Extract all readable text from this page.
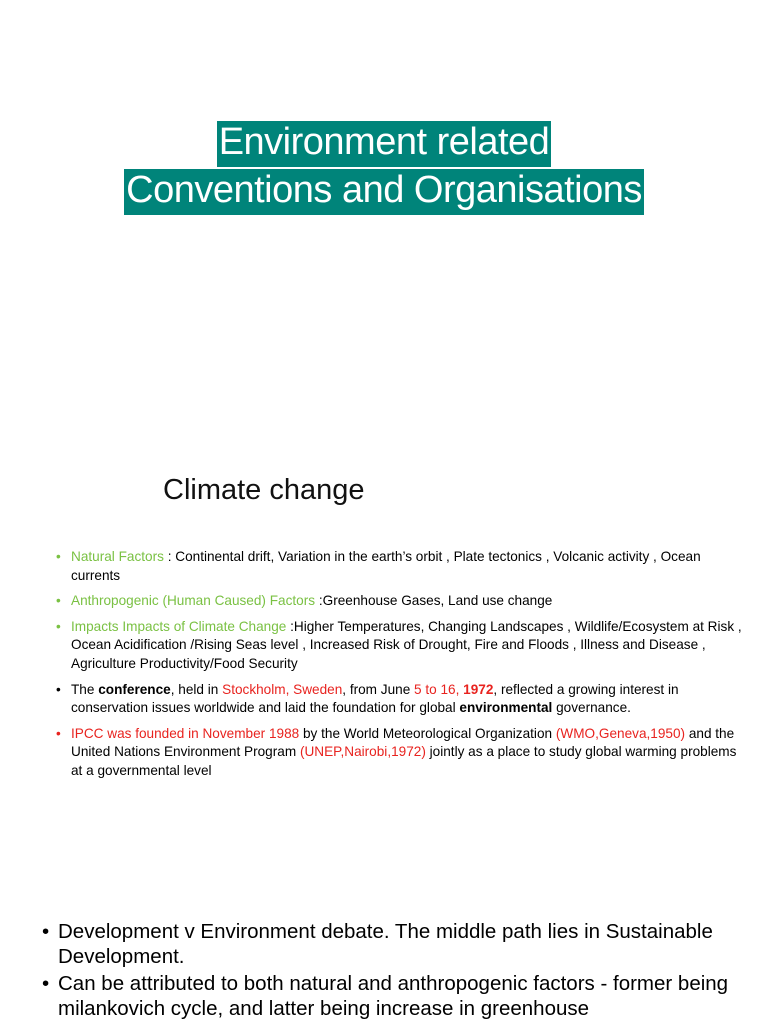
Environment related
Conventions and Organisations
Climate change
• Natural Factors : Continental drift, Variation in the earth’s orbit , Plate tectonics , Volcanic activity , Ocean currents
• Anthropogenic (Human Caused) Factors :Greenhouse Gases, Land use change
• Impacts Impacts of Climate Change :Higher Temperatures, Changing Landscapes , Wildlife/Ecosystem at Risk , Ocean Acidification /Rising Seas level , Increased Risk of Drought, Fire and Floods , Illness and Disease , Agriculture Productivity/Food Security
• The conference, held in Stockholm, Sweden, from June 5 to 16, 1972, reflected a growing interest in conservation issues worldwide and laid the foundation for global environmental governance.
• IPCC was founded in November 1988 by the World Meteorological Organization (WMO,Geneva,1950) and the United Nations Environment Program (UNEP,Nairobi,1972) jointly as a place to study global warming problems at a governmental level
• Development v Environment debate. The middle path lies in Sustainable Development.
• Can be attributed to both natural and anthropogenic factors - former being milankovich cycle, and latter being increase in greenhouse
